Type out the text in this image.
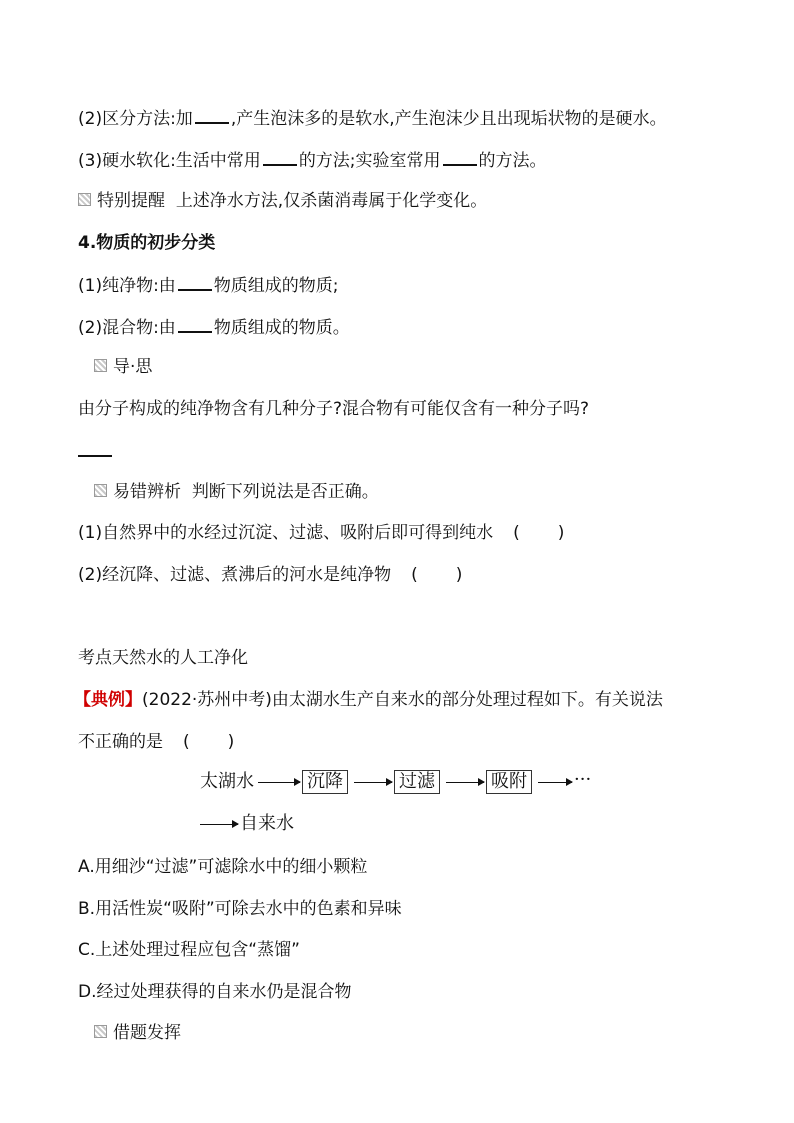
(2)区分方法:加 ,产生泡沫多的是软水,产生泡沫少且出现垢状物的是硬水。
(3)硬水软化:生活中常用 的方法;实验室常用 的方法。
特别提醒 上述净水方法,仅杀菌消毒属于化学变化。
4.物质的初步分类
(1)纯净物:由 物质组成的物质;
(2)混合物:由 物质组成的物质。
导·思
由分子构成的纯净物含有几种分子?混合物有可能仅含有一种分子吗?
易错辨析 判断下列说法是否正确。
(1)自然界中的水经过沉淀、过滤、吸附后即可得到纯水 ( )
(2)经沉降、过滤、煮沸后的河水是纯净物 ( )
考点天然水的人工净化
【典例】(2022·苏州中考)由太湖水生产自来水的部分处理过程如下。有关说法
不正确的是 ( )
太湖水	沉降	过滤	吸附	···
自来水
A.用细沙“过滤”可滤除水中的细小颗粒
B.用活性炭“吸附”可除去水中的色素和异味
C.上述处理过程应包含“蒸馏”
D.经过处理获得的自来水仍是混合物
借题发挥
